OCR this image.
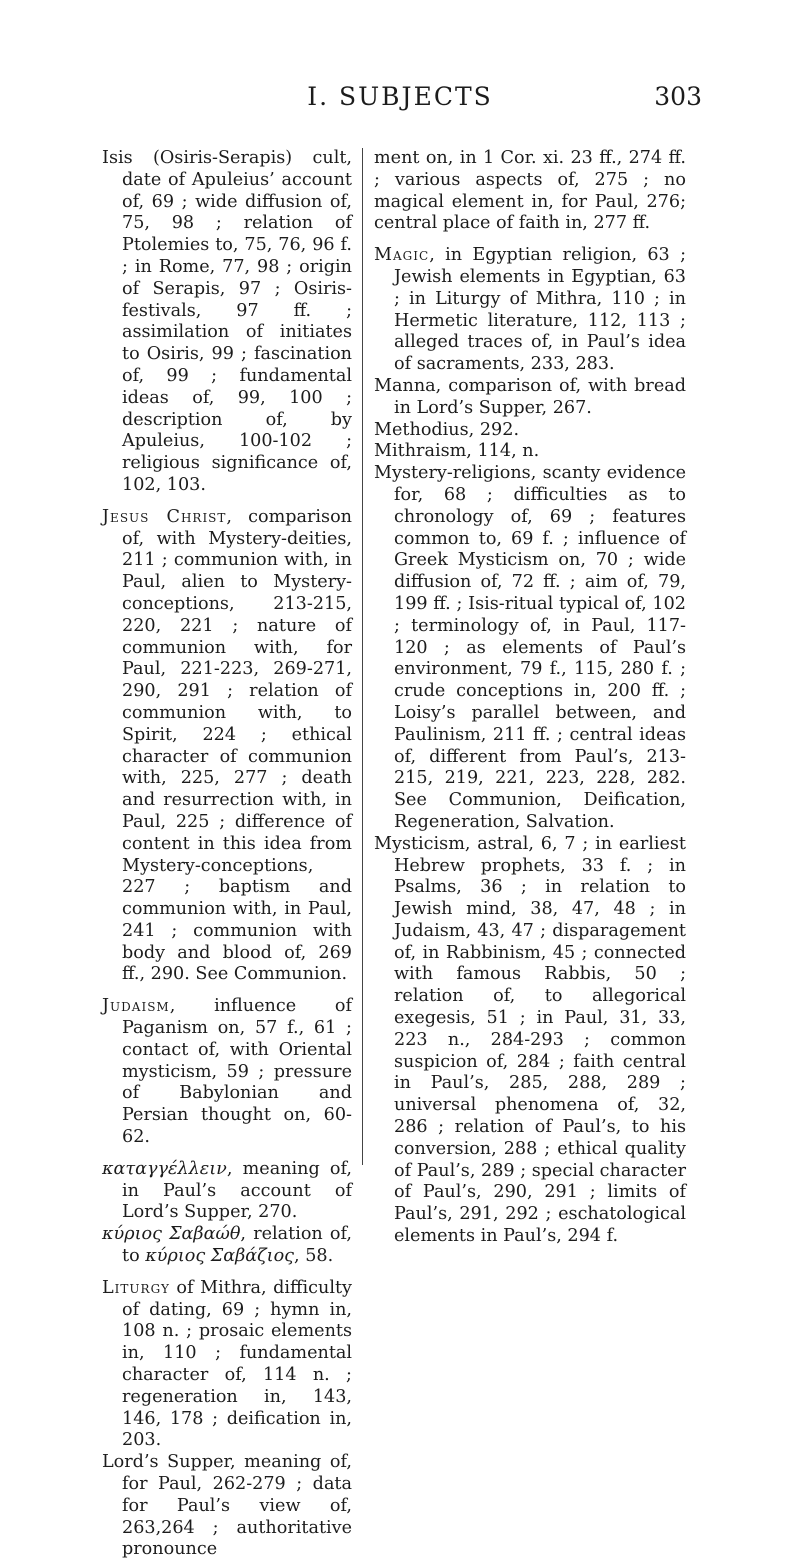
I. SUBJECTS	303

Isis (Osiris-Serapis) cult, date of Apuleius’ account of, 69 ; wide diffusion of, 75, 98 ; relation of Ptolemies to, 75, 76, 96 f. ; in Rome, 77, 98 ; origin of Serapis, 97 ; Osiris-festivals, 97 ff. ; assimilation of initiates to Osiris, 99 ; fascination of, 99 ; fundamental ideas of, 99, 100 ; description of, by Apuleius, 100-102 ; religious significance of, 102, 103.

Jesus Christ, comparison of, with Mystery-deities, 211 ; communion with, in Paul, alien to Mystery-conceptions, 213-215, 220, 221 ; nature of communion with, for Paul, 221-223, 269-271, 290, 291 ; relation of communion with, to Spirit, 224 ; ethical character of communion with, 225, 277 ; death and resurrection with, in Paul, 225 ; difference of content in this idea from Mystery-conceptions, 227 ; baptism and communion with, in Paul, 241 ; communion with body and blood of, 269 ff., 290. See Communion.

Judaism, influence of Paganism on, 57 f., 61 ; contact of, with Oriental mysticism, 59 ; pressure of Babylonian and Persian thought on, 60-62.

καταγγέλλειν, meaning of, in Paul’s account of Lord’s Supper, 270.

κύριος Σαβαώθ, relation of, to κύριος Σαβάζιος, 58.

Liturgy of Mithra, difficulty of dating, 69 ; hymn in, 108 n. ; prosaic elements in, 110 ; fundamental character of, 114 n. ; regeneration in, 143, 146, 178 ; deification in, 203.

Lord’s Supper, meaning of, for Paul, 262-279 ; data for Paul’s view of, 263,264 ; authoritative pronounce

ment on, in 1 Cor. xi. 23 ff., 274 ff. ; various aspects of, 275 ; no magical element in, for Paul, 276; central place of faith in, 277 ff.

Magic, in Egyptian religion, 63 ; Jewish elements in Egyptian, 63 ; in Liturgy of Mithra, 110 ; in Hermetic literature, 112, 113 ; alleged traces of, in Paul’s idea of sacraments, 233, 283.

Manna, comparison of, with bread in Lord’s Supper, 267.

Methodius, 292.

Mithraism, 114, n.

Mystery-religions, scanty evidence for, 68 ; difficulties as to chronology of, 69 ; features common to, 69 f. ; influence of Greek Mysticism on, 70 ; wide diffusion of, 72 ff. ; aim of, 79, 199 ff. ; Isis-ritual typical of, 102 ; terminology of, in Paul, 117-120 ; as elements of Paul’s environment, 79 f., 115, 280 f. ; crude conceptions in, 200 ff. ; Loisy’s parallel between, and Paulinism, 211 ff. ; central ideas of, different from Paul’s, 213-215, 219, 221, 223, 228, 282. See Communion, Deification, Regeneration, Salvation.

Mysticism, astral, 6, 7 ; in earliest Hebrew prophets, 33 f. ; in Psalms, 36 ; in relation to Jewish mind, 38, 47, 48 ; in Judaism, 43, 47 ; disparagement of, in Rabbinism, 45 ; connected with famous Rabbis, 50 ; relation of, to allegorical exegesis, 51 ; in Paul, 31, 33, 223 n., 284-293 ; common suspicion of, 284 ; faith central in Paul’s, 285, 288, 289 ; universal phenomena of, 32, 286 ; relation of Paul’s, to his conversion, 288 ; ethical quality of Paul’s, 289 ; special character of Paul’s, 290, 291 ; limits of Paul’s, 291, 292 ; eschatological elements in Paul’s, 294 f.
